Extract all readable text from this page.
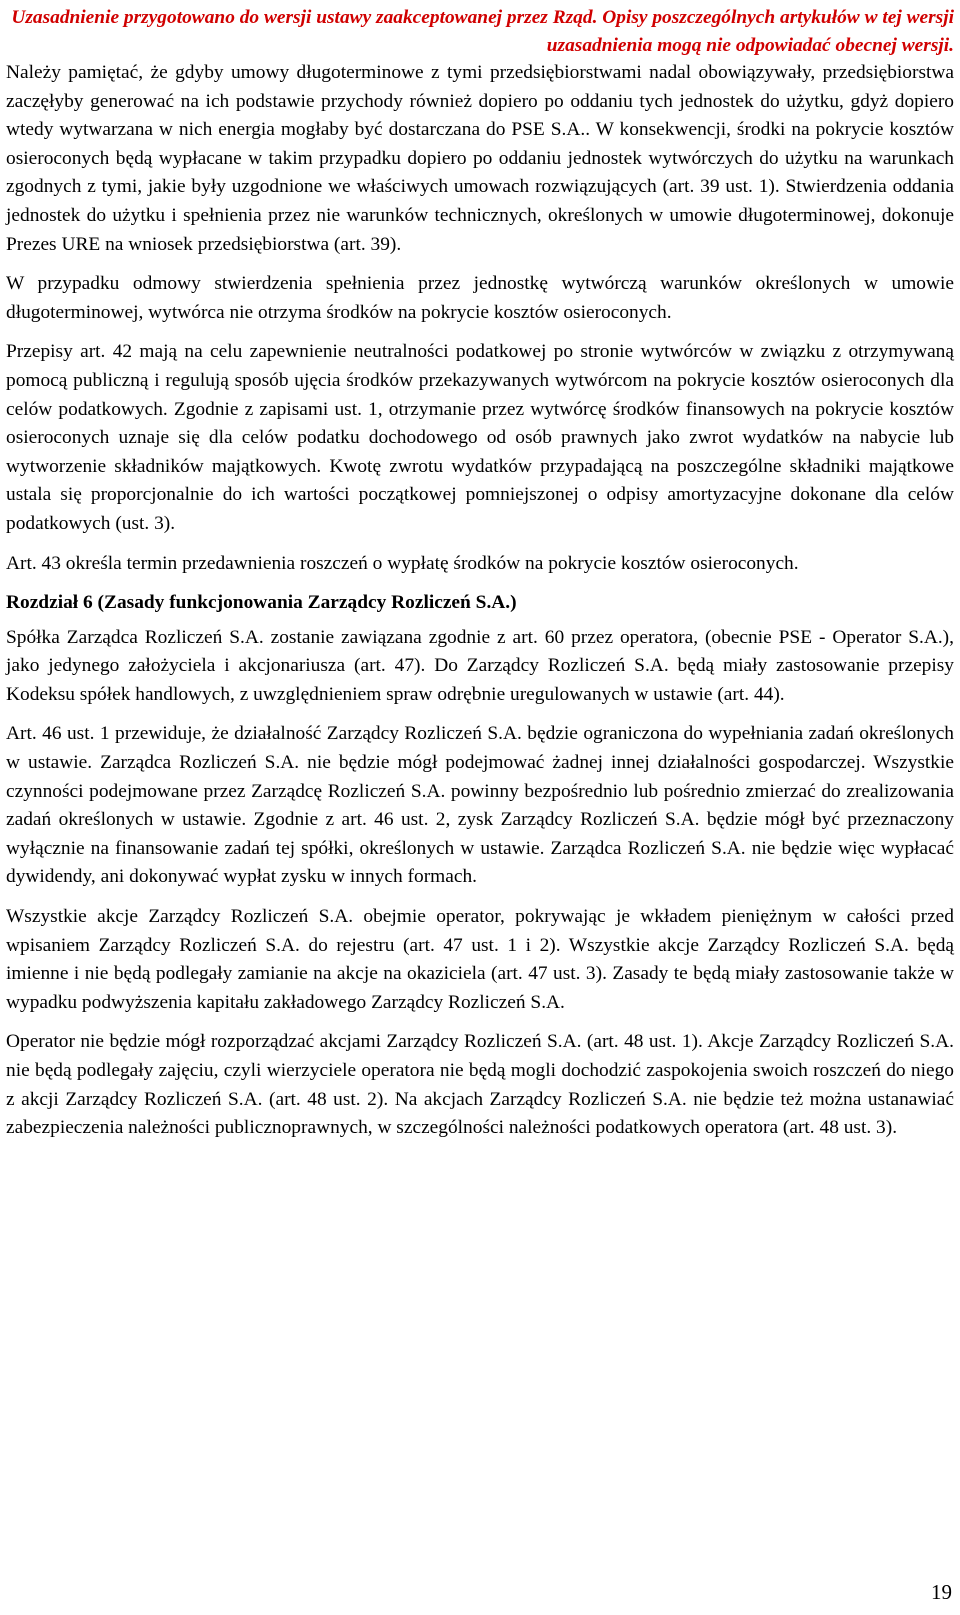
Uzasadnienie przygotowano do wersji ustawy zaakceptowanej przez Rząd. Opisy poszczególnych artykułów w tej wersji uzasadnienia mogą nie odpowiadać obecnej wersji.

Należy pamiętać, że gdyby umowy długoterminowe z tymi przedsiębiorstwami nadal obowiązywały, przedsiębiorstwa zaczęłyby generować na ich podstawie przychody również dopiero po oddaniu tych jednostek do użytku, gdyż dopiero wtedy wytwarzana w nich energia mogłaby być dostarczana do PSE S.A.. W konsekwencji, środki na pokrycie kosztów osieroconych będą wypłacane w takim przypadku dopiero po oddaniu jednostek wytwórczych do użytku na warunkach zgodnych z tymi, jakie były uzgodnione we właściwych umowach rozwiązujących (art. 39 ust. 1). Stwierdzenia oddania jednostek do użytku i spełnienia przez nie warunków technicznych, określonych w umowie długoterminowej, dokonuje Prezes URE na wniosek przedsiębiorstwa (art. 39).

W przypadku odmowy stwierdzenia spełnienia przez jednostkę wytwórczą warunków określonych w umowie długoterminowej, wytwórca nie otrzyma środków na pokrycie kosztów osieroconych.

Przepisy art. 42 mają na celu zapewnienie neutralności podatkowej po stronie wytwórców w związku z otrzymywaną pomocą publiczną i regulują sposób ujęcia środków przekazywanych wytwórcom na pokrycie kosztów osieroconych dla celów podatkowych. Zgodnie z zapisami ust. 1, otrzymanie przez wytwórcę środków finansowych na pokrycie kosztów osieroconych uznaje się dla celów podatku dochodowego od osób prawnych jako zwrot wydatków na nabycie lub wytworzenie składników majątkowych. Kwotę zwrotu wydatków przypadającą na poszczególne składniki majątkowe ustala się proporcjonalnie do ich wartości początkowej pomniejszonej o odpisy amortyzacyjne dokonane dla celów podatkowych (ust. 3).

Art. 43 określa termin przedawnienia roszczeń o wypłatę środków na pokrycie kosztów osieroconych.

Rozdział 6 (Zasady funkcjonowania Zarządcy Rozliczeń S.A.)

Spółka Zarządca Rozliczeń S.A. zostanie zawiązana zgodnie z art. 60 przez operatora, (obecnie PSE - Operator S.A.), jako jedynego założyciela i akcjonariusza (art. 47). Do Zarządcy Rozliczeń S.A. będą miały zastosowanie przepisy Kodeksu spółek handlowych, z uwzględnieniem spraw odrębnie uregulowanych w ustawie (art. 44).

Art. 46 ust. 1 przewiduje, że działalność Zarządcy Rozliczeń S.A. będzie ograniczona do wypełniania zadań określonych w ustawie. Zarządca Rozliczeń S.A. nie będzie mógł podejmować żadnej innej działalności gospodarczej. Wszystkie czynności podejmowane przez Zarządcę Rozliczeń S.A. powinny bezpośrednio lub pośrednio zmierzać do zrealizowania zadań określonych w ustawie. Zgodnie z art. 46 ust. 2, zysk Zarządcy Rozliczeń S.A. będzie mógł być przeznaczony wyłącznie na finansowanie zadań tej spółki, określonych w ustawie. Zarządca Rozliczeń S.A. nie będzie więc wypłacać dywidendy, ani dokonywać wypłat zysku w innych formach.

Wszystkie akcje Zarządcy Rozliczeń S.A. obejmie operator, pokrywając je wkładem pieniężnym w całości przed wpisaniem Zarządcy Rozliczeń S.A. do rejestru (art. 47 ust. 1 i 2). Wszystkie akcje Zarządcy Rozliczeń S.A. będą imienne i nie będą podlegały zamianie na akcje na okaziciela (art. 47 ust. 3). Zasady te będą miały zastosowanie także w wypadku podwyższenia kapitału zakładowego Zarządcy Rozliczeń S.A.

Operator nie będzie mógł rozporządzać akcjami Zarządcy Rozliczeń S.A. (art. 48 ust. 1). Akcje Zarządcy Rozliczeń S.A. nie będą podlegały zajęciu, czyli wierzyciele operatora nie będą mogli dochodzić zaspokojenia swoich roszczeń do niego z akcji Zarządcy Rozliczeń S.A. (art. 48 ust. 2). Na akcjach Zarządcy Rozliczeń S.A. nie będzie też można ustanawiać zabezpieczenia należności publicznoprawnych, w szczególności należności podatkowych operatora (art. 48 ust. 3).

19
